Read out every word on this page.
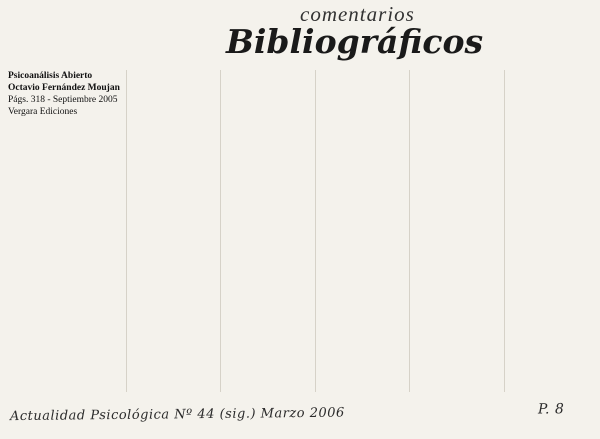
comentarios
Bibliográficos
Psicoanálisis Abierto
Octavio Fernández Moujan
Págs. 318 - Septiembre 2005
Vergara Ediciones

Actualidad Psicológica Nº 44 (sig.) Marzo 2006	P. 8
